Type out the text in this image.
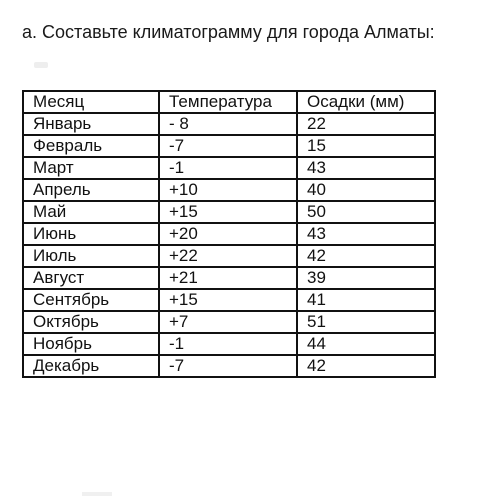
а. Составьте климатограмму для города Алматы:
Месяц	Температура	Осадки (мм)
Январь	- 8	22
Февраль	-7	15
Март	-1	43
Апрель	+10	40
Май	+15	50
Июнь	+20	43
Июль	+22	42
Август	+21	39
Сентябрь	+15	41
Октябрь	+7	51
Ноябрь	-1	44
Декабрь	-7	42
